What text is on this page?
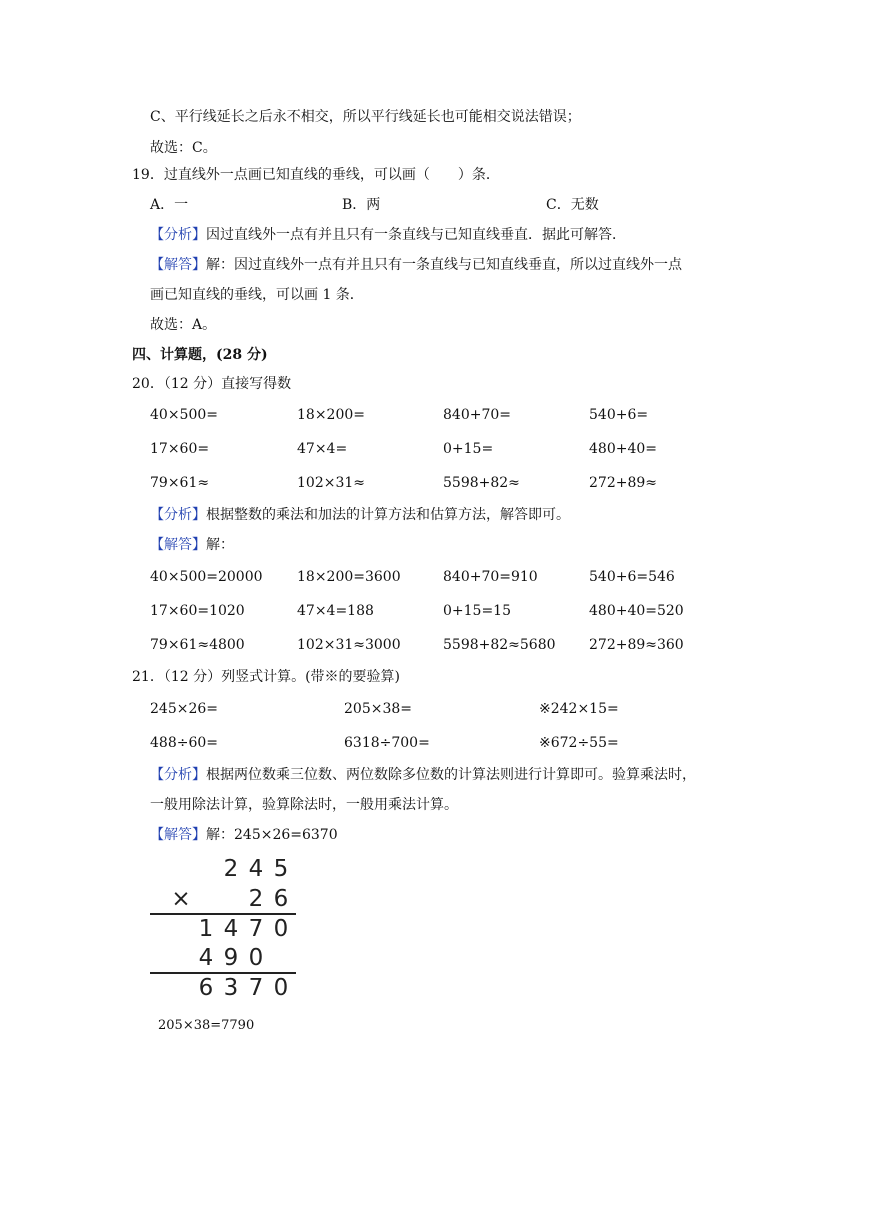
C、平行线延长之后永不相交，所以平行线延长也可能相交说法错误；
故选：C。
19．过直线外一点画已知直线的垂线，可以画（　　）条．
A．一	B．两	C．无数
【分析】因过直线外一点有并且只有一条直线与已知直线垂直．据此可解答．
【解答】解：因过直线外一点有并且只有一条直线与已知直线垂直，所以过直线外一点
画已知直线的垂线，可以画 1 条．
故选：A。
四、计算题，(28 分)
20．（12 分）直接写得数
40×500=	18×200=	840+70=	540+6=
17×60=	47×4=	0+15=	480+40=
79×61≈	102×31≈	5598+82≈	272+89≈
【分析】根据整数的乘法和加法的计算方法和估算方法，解答即可。
【解答】解：
40×500=20000 18×200=3600	840+70=910	540+6=546
17×60=1020	47×4=188	0+15=15	480+40=520
79×61≈4800	102×31≈3000	5598+82≈5680 272+89≈360
21．（12 分）列竖式计算。(带※的要验算)
245×26=	205×38=	※242×15=
488÷60=	6318÷700=	※672÷55=
【分析】根据两位数乘三位数、两位数除多位数的计算法则进行计算即可。验算乘法时，
一般用除法计算，验算除法时，一般用乘法计算。
【解答】解：245×26=6370
2 4 5
×	2 6
1 4 7 0
4 9 0
6 3 7 0
205×38=7790
